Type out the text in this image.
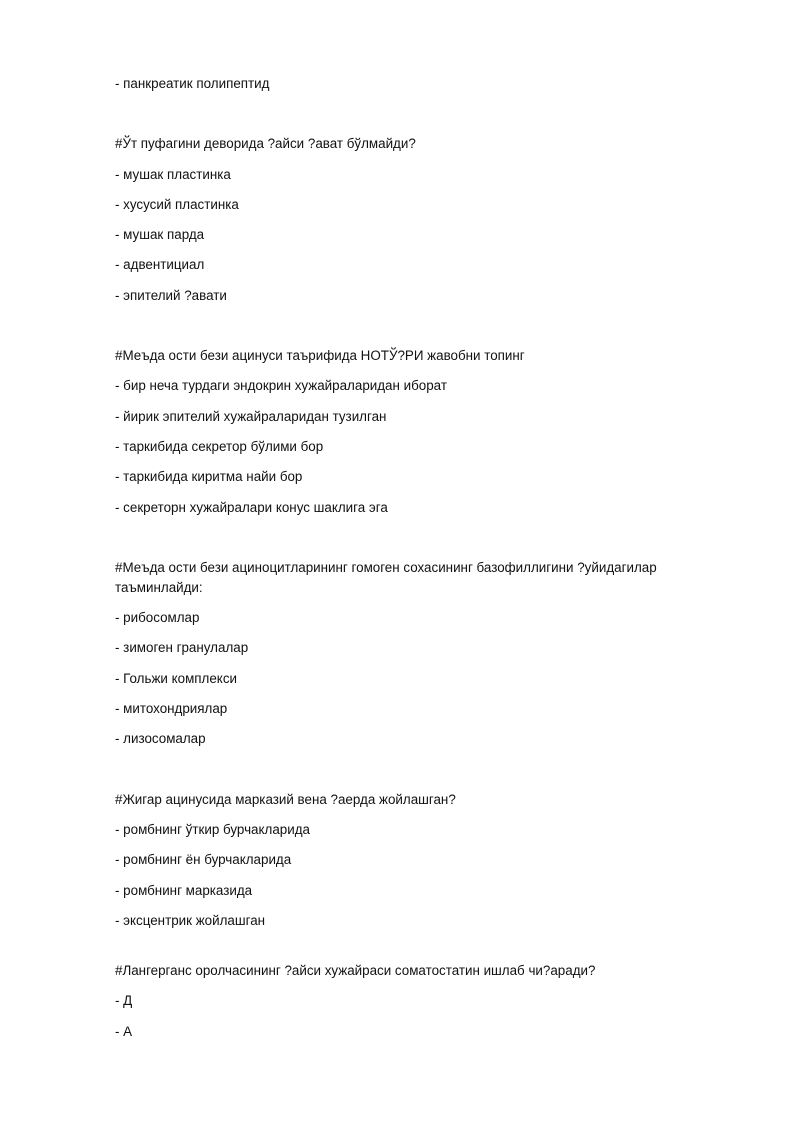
- панкреатик полипептид
#Ўт пуфагини деворида ?айси ?ават бўлмайди?
- мушак пластинка
- хусусий пластинка
- мушак парда
- адвентициал
- эпителий ?авати
#Меъда ости бези ацинуси таърифида НОТЎ?РИ жавобни топинг
- бир неча турдаги эндокрин хужайраларидан иборат
- йирик эпителий хужайраларидан тузилган
- таркибида секретор бўлими бор
- таркибида киритма найи бор
- секреторн хужайралари конус шаклига эга
#Меъда ости бези ациноцитларининг гомоген сохасининг базофиллигини ?уйидагилар таъминлайди:
- рибосомлар
- зимоген гранулалар
- Гольжи комплекси
- митохондриялар
- лизосомалар
#Жигар ацинусида марказий вена ?аерда жойлашган?
- ромбнинг ўткир бурчакларида
- ромбнинг ён бурчакларида
- ромбнинг марказида
- эксцентрик жойлашган
#Лангерганс оролчасининг ?айси хужайраси соматостатин ишлаб чи?аради?
- Д
- А
